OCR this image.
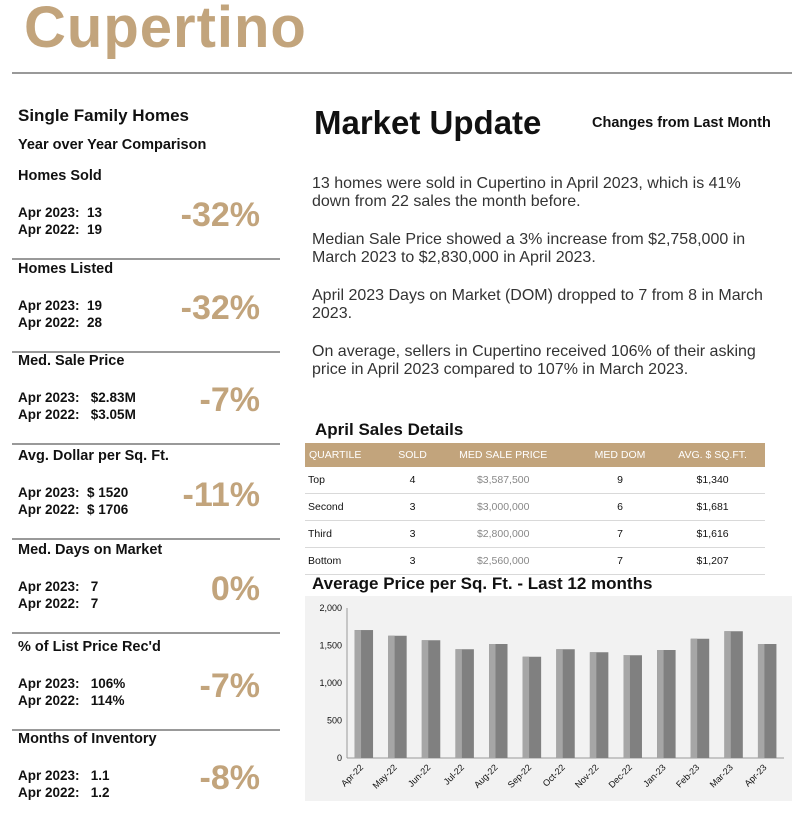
Cupertino
Single Family Homes
Year over Year Comparison
Homes Sold
Apr 2023:  13
Apr 2022:  19 -32%
Homes Listed
Apr 2023:  19
Apr 2022:  28 -32%
Med. Sale Price
Apr 2023:   $2.83M
Apr 2022:   $3.05M -7%
Avg. Dollar per Sq. Ft.
Apr 2023:  $ 1520
Apr 2022:  $ 1706 -11%
Med. Days on Market
Apr 2023:   7
Apr 2022:   7	0%
% of List Price Rec'd
Apr 2023:   106%
Apr 2022:   114% -7%
Months of Inventory
Apr 2023:   1.1
Apr 2022:   1.2	-8%
Market Update	Changes from Last Month

13 homes were sold in Cupertino in April 2023, which is 41% down from 22 sales the month before.

Median Sale Price showed a 3% increase from $2,758,000 in March 2023 to $2,830,000 in April 2023.

April 2023 Days on Market (DOM) dropped to 7 from 8 in March 2023.

On average, sellers in Cupertino received 106% of their asking price in April 2023 compared to 107% in March 2023.

April Sales Details
QUARTILE	SOLD	MED SALE PRICE		MED DOM	AVG. $ SQ.FT.
Top	4	$3,587,500		9	$1,340
Second	3	$3,000,000		6	$1,681
Third	3	$2,800,000		7	$1,616
Bottom	3	$2,560,000		7	$1,207
Average Price per Sq. Ft. - Last 12 months
0
500
1,000
1,500
2,000
Apr-22 May-22 Jun-22 Jul-22 Aug-22 Sep-22 Oct-22 Nov-22 Dec-22 Jan-23 Feb-23 Mar-23 Apr-23
